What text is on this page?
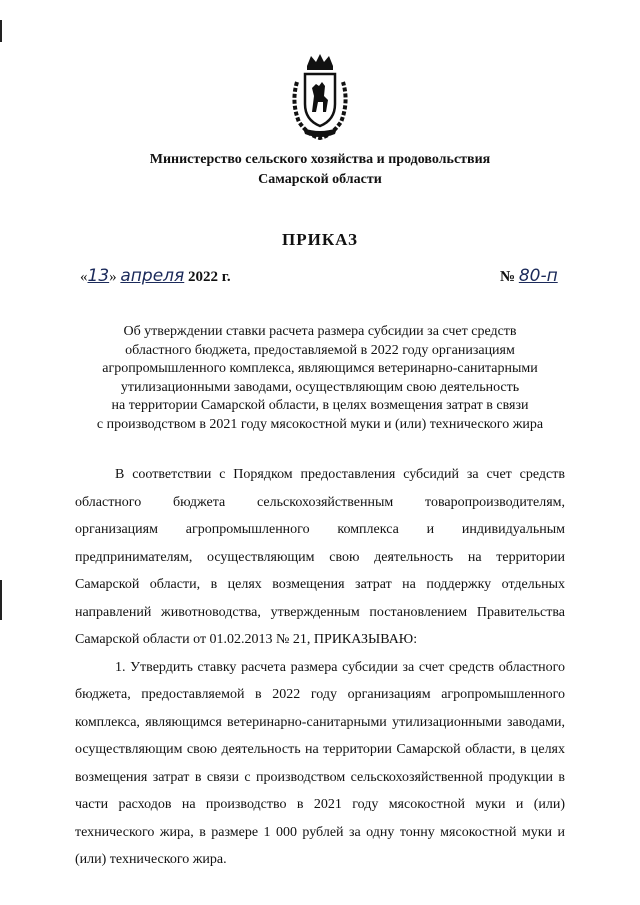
Министерство сельского хозяйства и продовольствия
Самарской области
ПРИКАЗ
«13» апреля 2022 г.	№ 80-п
Об утверждении ставки расчета размера субсидии за счет средств
областного бюджета, предоставляемой в 2022 году организациям
агропромышленного комплекса, являющимся ветеринарно-санитарными
утилизационными заводами, осуществляющим свою деятельность
на территории Самарской области, в целях возмещения затрат в связи
с производством в 2021 году мясокостной муки и (или) технического жира

В соответствии с Порядком предоставления субсидий за счет средств областного бюджета сельскохозяйственным товаропроизводителям, организациям агропромышленного комплекса и индивидуальным предпринимателям, осуществляющим свою деятельность на территории Самарской области, в целях возмещения затрат на поддержку отдельных направлений животноводства, утвержденным постановлением Правительства Самарской области от 01.02.2013 № 21, ПРИКАЗЫВАЮ:

1. Утвердить ставку расчета размера субсидии за счет средств областного бюджета, предоставляемой в 2022 году организациям агропромышленного комплекса, являющимся ветеринарно-санитарными утилизационными заводами, осуществляющим свою деятельность на территории Самарской области, в целях возмещения затрат в связи с производством сельскохозяйственной продукции в части расходов на производство в 2021 году мясокостной муки и (или) технического жира, в размере 1 000 рублей за одну тонну мясокостной муки и (или) технического жира.
